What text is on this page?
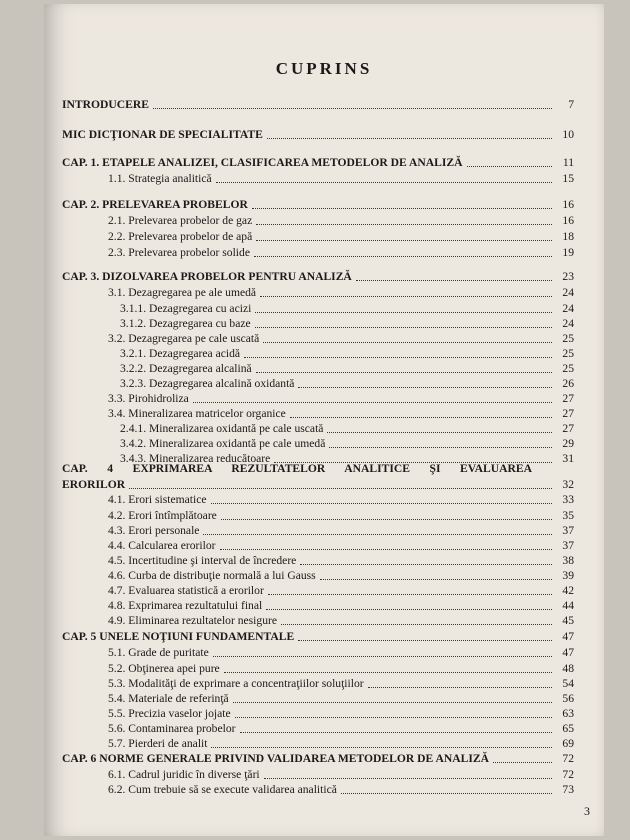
CUPRINS
INTRODUCERE	7
MIC DICŢIONAR DE SPECIALITATE	10
CAP. 1. ETAPELE ANALIZEI, CLASIFICAREA METODELOR DE ANALIZĂ	11
1.1. Strategia analitică	15
CAP. 2. PRELEVAREA PROBELOR	16
2.1. Prelevarea probelor de gaz	16
2.2. Prelevarea probelor de apă	18
2.3. Prelevarea probelor solide	19
CAP. 3. DIZOLVAREA PROBELOR PENTRU ANALIZĂ	23
3.1. Dezagregarea pe ale umedă	24
3.1.1. Dezagregarea cu acizi	24
3.1.2. Dezagregarea cu baze	24
3.2. Dezagregarea pe cale uscată	25
3.2.1. Dezagregarea acidă	25
3.2.2. Dezagregarea alcalină	25
3.2.3. Dezagregarea alcalină oxidantă	26
3.3. Pirohidroliza	27
3.4. Mineralizarea matricelor organice	27
2.4.1. Mineralizarea oxidantă pe cale uscată	27
3.4.2. Mineralizarea oxidantă pe cale umedă	29
3.4.3. Mineralizarea reducătoare	31
CAP. 4 EXPRIMAREA REZULTATELOR ANALITICE ŞI EVALUAREA
ERORILOR	32
4.1. Erori sistematice	33
4.2. Erori întîmplătoare	35
4.3. Erori personale	37
4.4. Calcularea erorilor	37
4.5. Incertitudine şi interval de încredere	38
4.6. Curba de distribuţie normală a lui Gauss	39
4.7. Evaluarea statistică a erorilor	42
4.8. Exprimarea rezultatului final	44
4.9. Eliminarea rezultatelor nesigure	45
CAP. 5 UNELE NOŢIUNI FUNDAMENTALE	47
5.1. Grade de puritate	47
5.2. Obţinerea apei pure	48
5.3. Modalităţi de exprimare a concentraţiilor soluţiilor	54
5.4. Materiale de referinţă	56
5.5. Precizia vaselor jojate	63
5.6. Contaminarea probelor	65
5.7. Pierderi de analit	69
CAP. 6 NORME GENERALE PRIVIND VALIDAREA METODELOR DE ANALIZĂ	72
6.1. Cadrul juridic în diverse ţări	72
6.2. Cum trebuie să se execute validarea analitică	73
3
